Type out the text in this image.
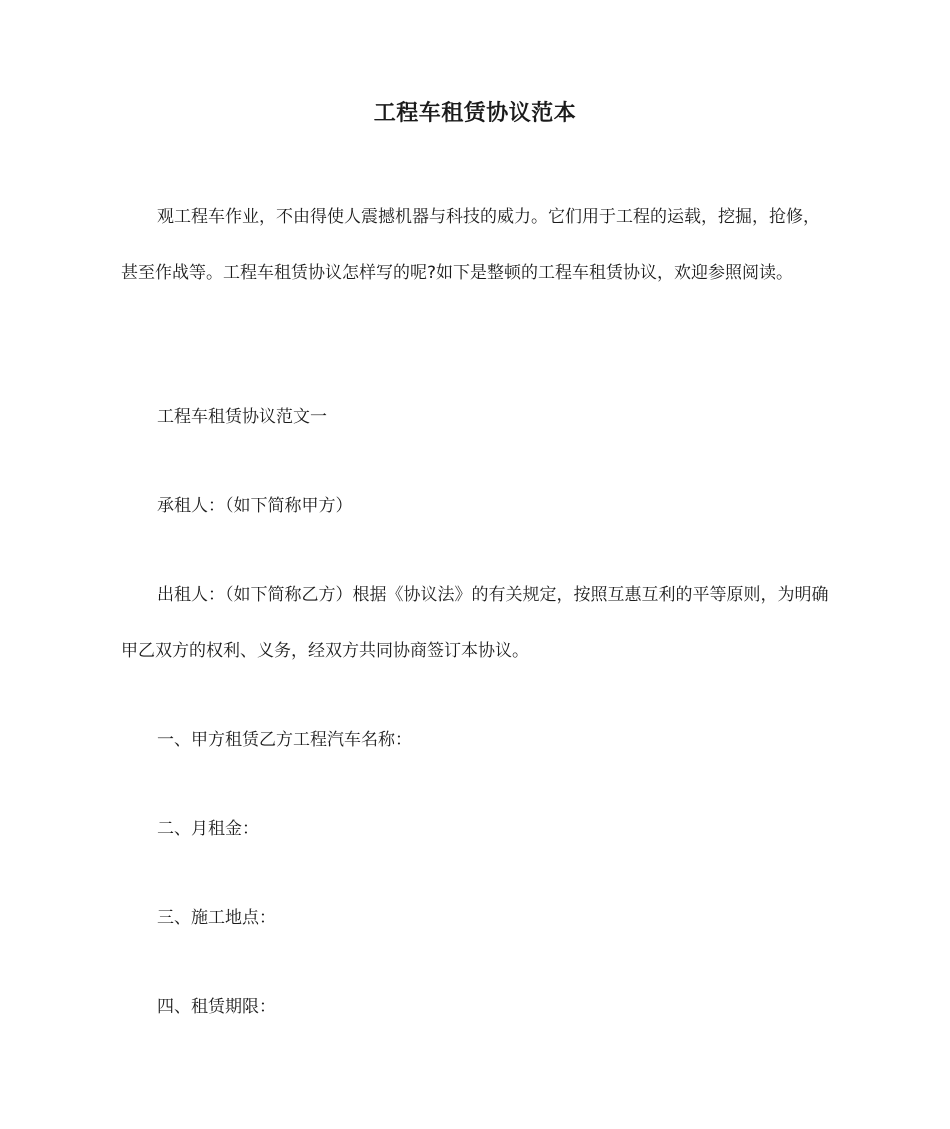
工程车租赁协议范本

观工程车作业，不由得使人震撼机器与科技的威力。它们用于工程的运载，挖掘，抢修，甚至作战等。工程车租赁协议怎样写的呢?如下是整顿的工程车租赁协议，欢迎参照阅读。

工程车租赁协议范文一

承租人：（如下简称甲方）

出租人：（如下简称乙方）根据《协议法》的有关规定，按照互惠互利的平等原则，为明确甲乙双方的权利、义务，经双方共同协商签订本协议。

一、甲方租赁乙方工程汽车名称：

二、月租金：

三、施工地点：

四、租赁期限：
